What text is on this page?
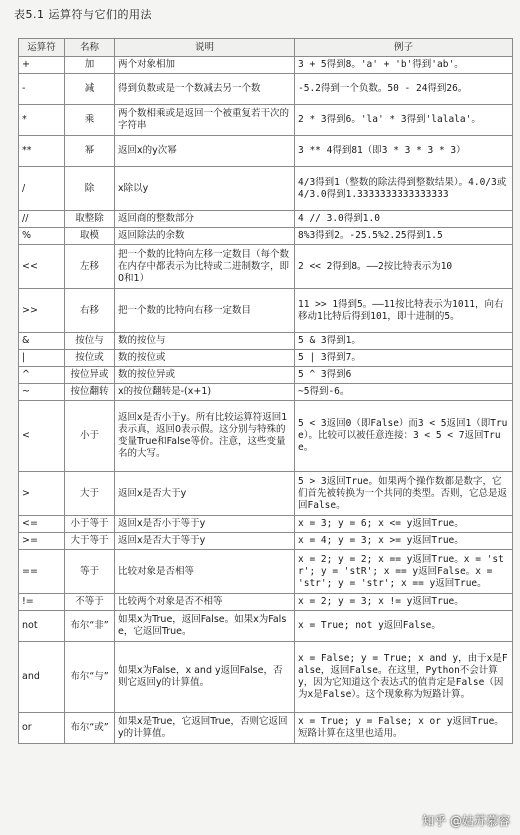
表5.1 运算符与它们的用法
运算符	名称	说明	例子
+	加	两个对象相加	3 + 5得到8。'a' + 'b'得到'ab'。
-	减	得到负数或是一个数减去另一个数	-5.2得到一个负数。50 - 24得到26。
*	乘	两个数相乘或是返回一个被重复若干次的字符串	2 * 3得到6。'la' * 3得到'lalala'。
**	幂	返回x的y次幂	3 ** 4得到81（即3 * 3 * 3 * 3）
/	除	x除以y	4/3得到1（整数的除法得到整数结果）。4.0/3或4/3.0得到1.3333333333333333
//	取整除	返回商的整数部分	4 // 3.0得到1.0
%	取模	返回除法的余数	8%3得到2。-25.5%2.25得到1.5
<<	左移	把一个数的比特向左移一定数目（每个数在内存中都表示为比特或二进制数字，即0和1）	2 << 2得到8。——2按比特表示为10
>>	右移	把一个数的比特向右移一定数目	11 >> 1得到5。——11按比特表示为1011，向右移动1比特后得到101，即十进制的5。
&	按位与	数的按位与	5 & 3得到1。
|	按位或	数的按位或	5 | 3得到7。
^	按位异或	数的按位异或	5 ^ 3得到6
~	按位翻转	x的按位翻转是-(x+1)	~5得到-6。
<	小于	返回x是否小于y。所有比较运算符返回1表示真，返回0表示假。这分别与特殊的变量True和False等价。注意，这些变量名的大写。	5 < 3返回0（即False）而3 < 5返回1（即True）。比较可以被任意连接：3 < 5 < 7返回True。
>	大于	返回x是否大于y	5 > 3返回True。如果两个操作数都是数字，它们首先被转换为一个共同的类型。否则，它总是返回False。
<=	小于等于	返回x是否小于等于y	x = 3; y = 6; x <= y返回True。
>=	大于等于	返回x是否大于等于y	x = 4; y = 3; x >= y返回True。
==	等于	比较对象是否相等	x = 2; y = 2; x == y返回True。x = 'str'; y = 'stR'; x == y返回False。x = 'str'; y = 'str'; x == y返回True。
!=	不等于	比较两个对象是否不相等	x = 2; y = 3; x != y返回True。
not	布尔“非”	如果x为True，返回False。如果x为False，它返回True。	x = True; not y返回False。
and	布尔“与”	如果x为False，x and y返回False，否则它返回y的计算值。	x = False; y = True; x and y，由于x是False，返回False。在这里，Python不会计算y，因为它知道这个表达式的值肯定是False（因为x是False）。这个现象称为短路计算。
or	布尔“或”	如果x是True，它返回True，否则它返回y的计算值。	x = True; y = False; x or y返回True。短路计算在这里也适用。
知乎 @姑苏慕容
